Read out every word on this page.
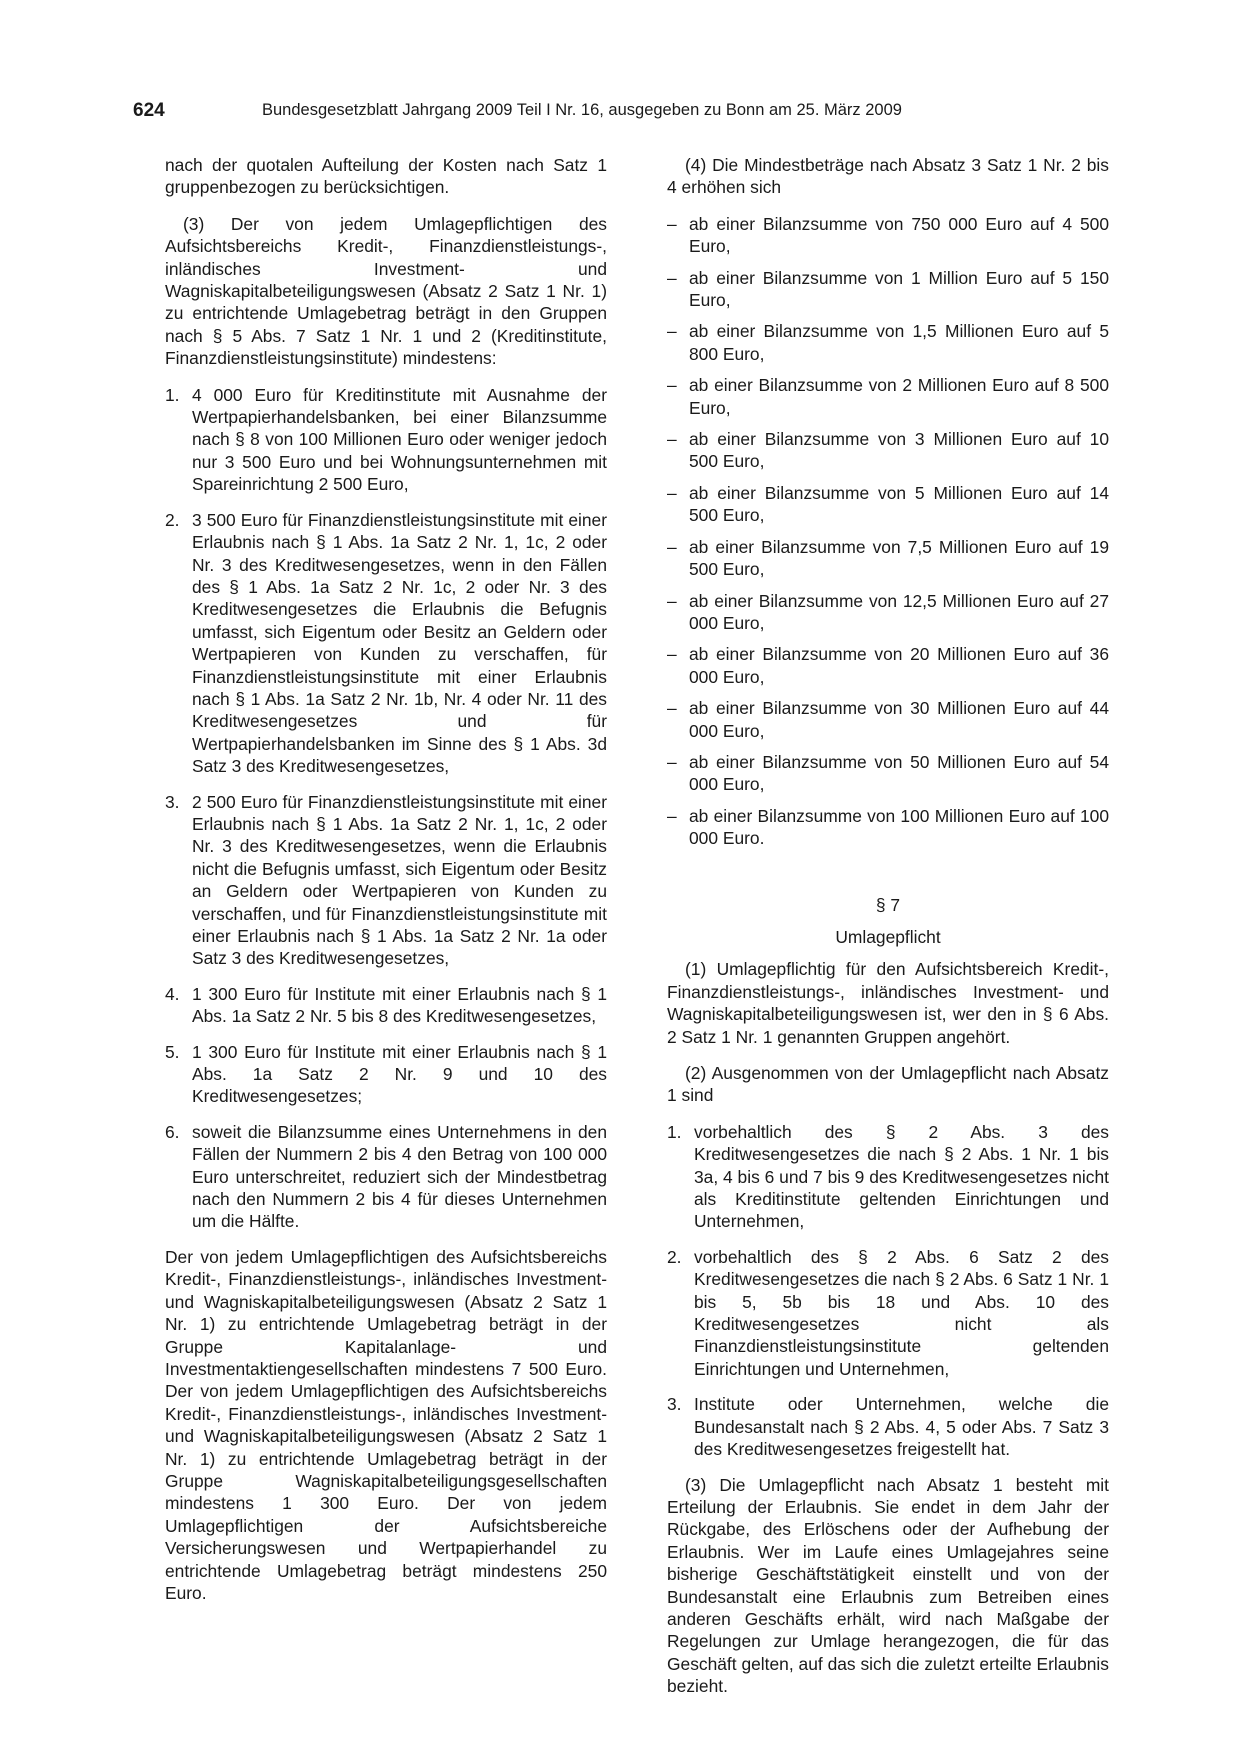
624	Bundesgesetzblatt Jahrgang 2009 Teil I Nr. 16, ausgegeben zu Bonn am 25. März 2009

nach der quotalen Aufteilung der Kosten nach Satz 1 gruppenbezogen zu berücksichtigen.

(3) Der von jedem Umlagepflichtigen des Aufsichtsbereichs Kredit-, Finanzdienstleistungs-, inländisches Investment- und Wagniskapitalbeteiligungswesen (Absatz 2 Satz 1 Nr. 1) zu entrichtende Umlagebetrag beträgt in den Gruppen nach § 5 Abs. 7 Satz 1 Nr. 1 und 2 (Kreditinstitute, Finanzdienstleistungsinstitute) mindestens:

1. 4 000 Euro für Kreditinstitute mit Ausnahme der Wertpapierhandelsbanken, bei einer Bilanzsumme nach § 8 von 100 Millionen Euro oder weniger jedoch nur 3 500 Euro und bei Wohnungsunternehmen mit Spareinrichtung 2 500 Euro,
2. 3 500 Euro für Finanzdienstleistungsinstitute mit einer Erlaubnis nach § 1 Abs. 1a Satz 2 Nr. 1, 1c, 2 oder Nr. 3 des Kreditwesengesetzes, wenn in den Fällen des § 1 Abs. 1a Satz 2 Nr. 1c, 2 oder Nr. 3 des Kreditwesengesetzes die Erlaubnis die Befugnis umfasst, sich Eigentum oder Besitz an Geldern oder Wertpapieren von Kunden zu verschaffen, für Finanzdienstleistungsinstitute mit einer Erlaubnis nach § 1 Abs. 1a Satz 2 Nr. 1b, Nr. 4 oder Nr. 11 des Kreditwesengesetzes und für Wertpapierhandelsbanken im Sinne des § 1 Abs. 3d Satz 3 des Kreditwesengesetzes,
3. 2 500 Euro für Finanzdienstleistungsinstitute mit einer Erlaubnis nach § 1 Abs. 1a Satz 2 Nr. 1, 1c, 2 oder Nr. 3 des Kreditwesengesetzes, wenn die Erlaubnis nicht die Befugnis umfasst, sich Eigentum oder Besitz an Geldern oder Wertpapieren von Kunden zu verschaffen, und für Finanzdienstleistungsinstitute mit einer Erlaubnis nach § 1 Abs. 1a Satz 2 Nr. 1a oder Satz 3 des Kreditwesengesetzes,
4. 1 300 Euro für Institute mit einer Erlaubnis nach § 1 Abs. 1a Satz 2 Nr. 5 bis 8 des Kreditwesengesetzes,
5. 1 300 Euro für Institute mit einer Erlaubnis nach § 1 Abs. 1a Satz 2 Nr. 9 und 10 des Kreditwesengesetzes;
6. soweit die Bilanzsumme eines Unternehmens in den Fällen der Nummern 2 bis 4 den Betrag von 100 000 Euro unterschreitet, reduziert sich der Mindestbetrag nach den Nummern 2 bis 4 für dieses Unternehmen um die Hälfte.

Der von jedem Umlagepflichtigen des Aufsichtsbereichs Kredit-, Finanzdienstleistungs-, inländisches Investment- und Wagniskapitalbeteiligungswesen (Absatz 2 Satz 1 Nr. 1) zu entrichtende Umlagebetrag beträgt in der Gruppe Kapitalanlage- und Investmentaktiengesellschaften mindestens 7 500 Euro. Der von jedem Umlagepflichtigen des Aufsichtsbereichs Kredit-, Finanzdienstleistungs-, inländisches Investment- und Wagniskapitalbeteiligungswesen (Absatz 2 Satz 1 Nr. 1) zu entrichtende Umlagebetrag beträgt in der Gruppe Wagniskapitalbeteiligungsgesellschaften mindestens 1 300 Euro. Der von jedem Umlagepflichtigen der Aufsichtsbereiche Versicherungswesen und Wertpapierhandel zu entrichtende Umlagebetrag beträgt mindestens 250 Euro.

(4) Die Mindestbeträge nach Absatz 3 Satz 1 Nr. 2 bis 4 erhöhen sich

– ab einer Bilanzsumme von 750 000 Euro auf 4 500 Euro,
– ab einer Bilanzsumme von 1 Million Euro auf 5 150 Euro,
– ab einer Bilanzsumme von 1,5 Millionen Euro auf 5 800 Euro,
– ab einer Bilanzsumme von 2 Millionen Euro auf 8 500 Euro,
– ab einer Bilanzsumme von 3 Millionen Euro auf 10 500 Euro,
– ab einer Bilanzsumme von 5 Millionen Euro auf 14 500 Euro,
– ab einer Bilanzsumme von 7,5 Millionen Euro auf 19 500 Euro,
– ab einer Bilanzsumme von 12,5 Millionen Euro auf 27 000 Euro,
– ab einer Bilanzsumme von 20 Millionen Euro auf 36 000 Euro,
– ab einer Bilanzsumme von 30 Millionen Euro auf 44 000 Euro,
– ab einer Bilanzsumme von 50 Millionen Euro auf 54 000 Euro,
– ab einer Bilanzsumme von 100 Millionen Euro auf 100 000 Euro.

§ 7

Umlagepflicht

(1) Umlagepflichtig für den Aufsichtsbereich Kredit-, Finanzdienstleistungs-, inländisches Investment- und Wagniskapitalbeteiligungswesen ist, wer den in § 6 Abs. 2 Satz 1 Nr. 1 genannten Gruppen angehört.

(2) Ausgenommen von der Umlagepflicht nach Absatz 1 sind

1. vorbehaltlich des § 2 Abs. 3 des Kreditwesengesetzes die nach § 2 Abs. 1 Nr. 1 bis 3a, 4 bis 6 und 7 bis 9 des Kreditwesengesetzes nicht als Kreditinstitute geltenden Einrichtungen und Unternehmen,
2. vorbehaltlich des § 2 Abs. 6 Satz 2 des Kreditwesengesetzes die nach § 2 Abs. 6 Satz 1 Nr. 1 bis 5, 5b bis 18 und Abs. 10 des Kreditwesengesetzes nicht als Finanzdienstleistungsinstitute geltenden Einrichtungen und Unternehmen,
3. Institute oder Unternehmen, welche die Bundesanstalt nach § 2 Abs. 4, 5 oder Abs. 7 Satz 3 des Kreditwesengesetzes freigestellt hat.

(3) Die Umlagepflicht nach Absatz 1 besteht mit Erteilung der Erlaubnis. Sie endet in dem Jahr der Rückgabe, des Erlöschens oder der Aufhebung der Erlaubnis. Wer im Laufe eines Umlagejahres seine bisherige Geschäftstätigkeit einstellt und von der Bundesanstalt eine Erlaubnis zum Betreiben eines anderen Geschäfts erhält, wird nach Maßgabe der Regelungen zur Umlage herangezogen, die für das Geschäft gelten, auf das sich die zuletzt erteilte Erlaubnis bezieht.
